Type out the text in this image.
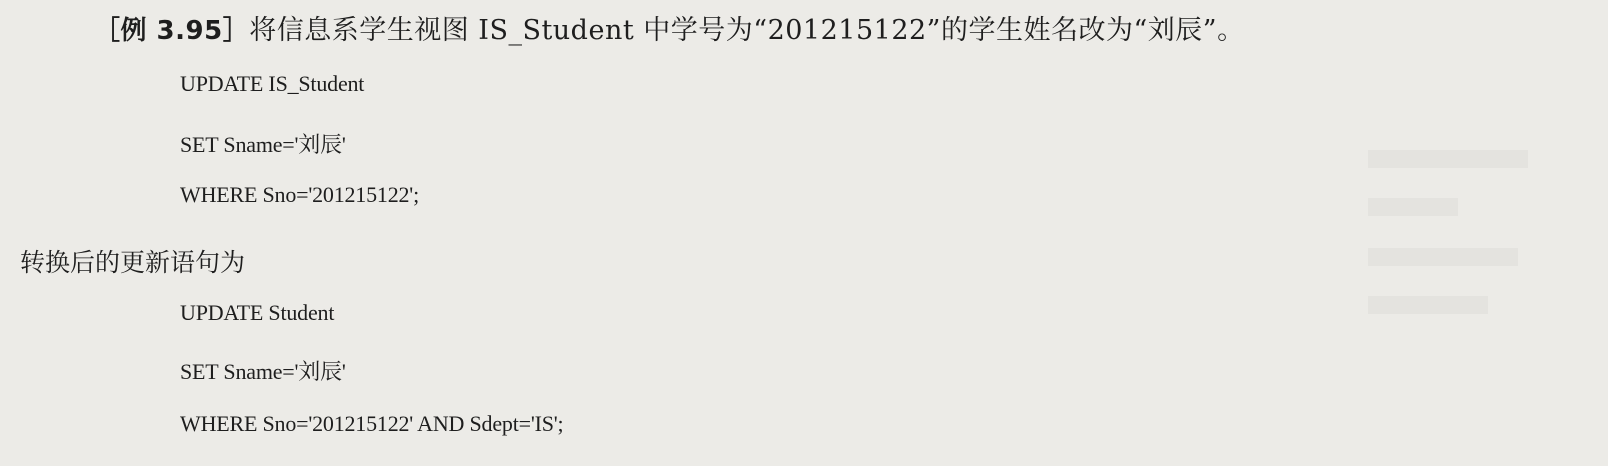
［例 3.95］将信息系学生视图 IS_Student 中学号为“201215122”的学生姓名改为“刘辰”。
UPDATE IS_Student
SET Sname='刘辰'
WHERE Sno='201215122';
转换后的更新语句为
UPDATE Student
SET Sname='刘辰'
WHERE Sno='201215122' AND Sdept='IS';
